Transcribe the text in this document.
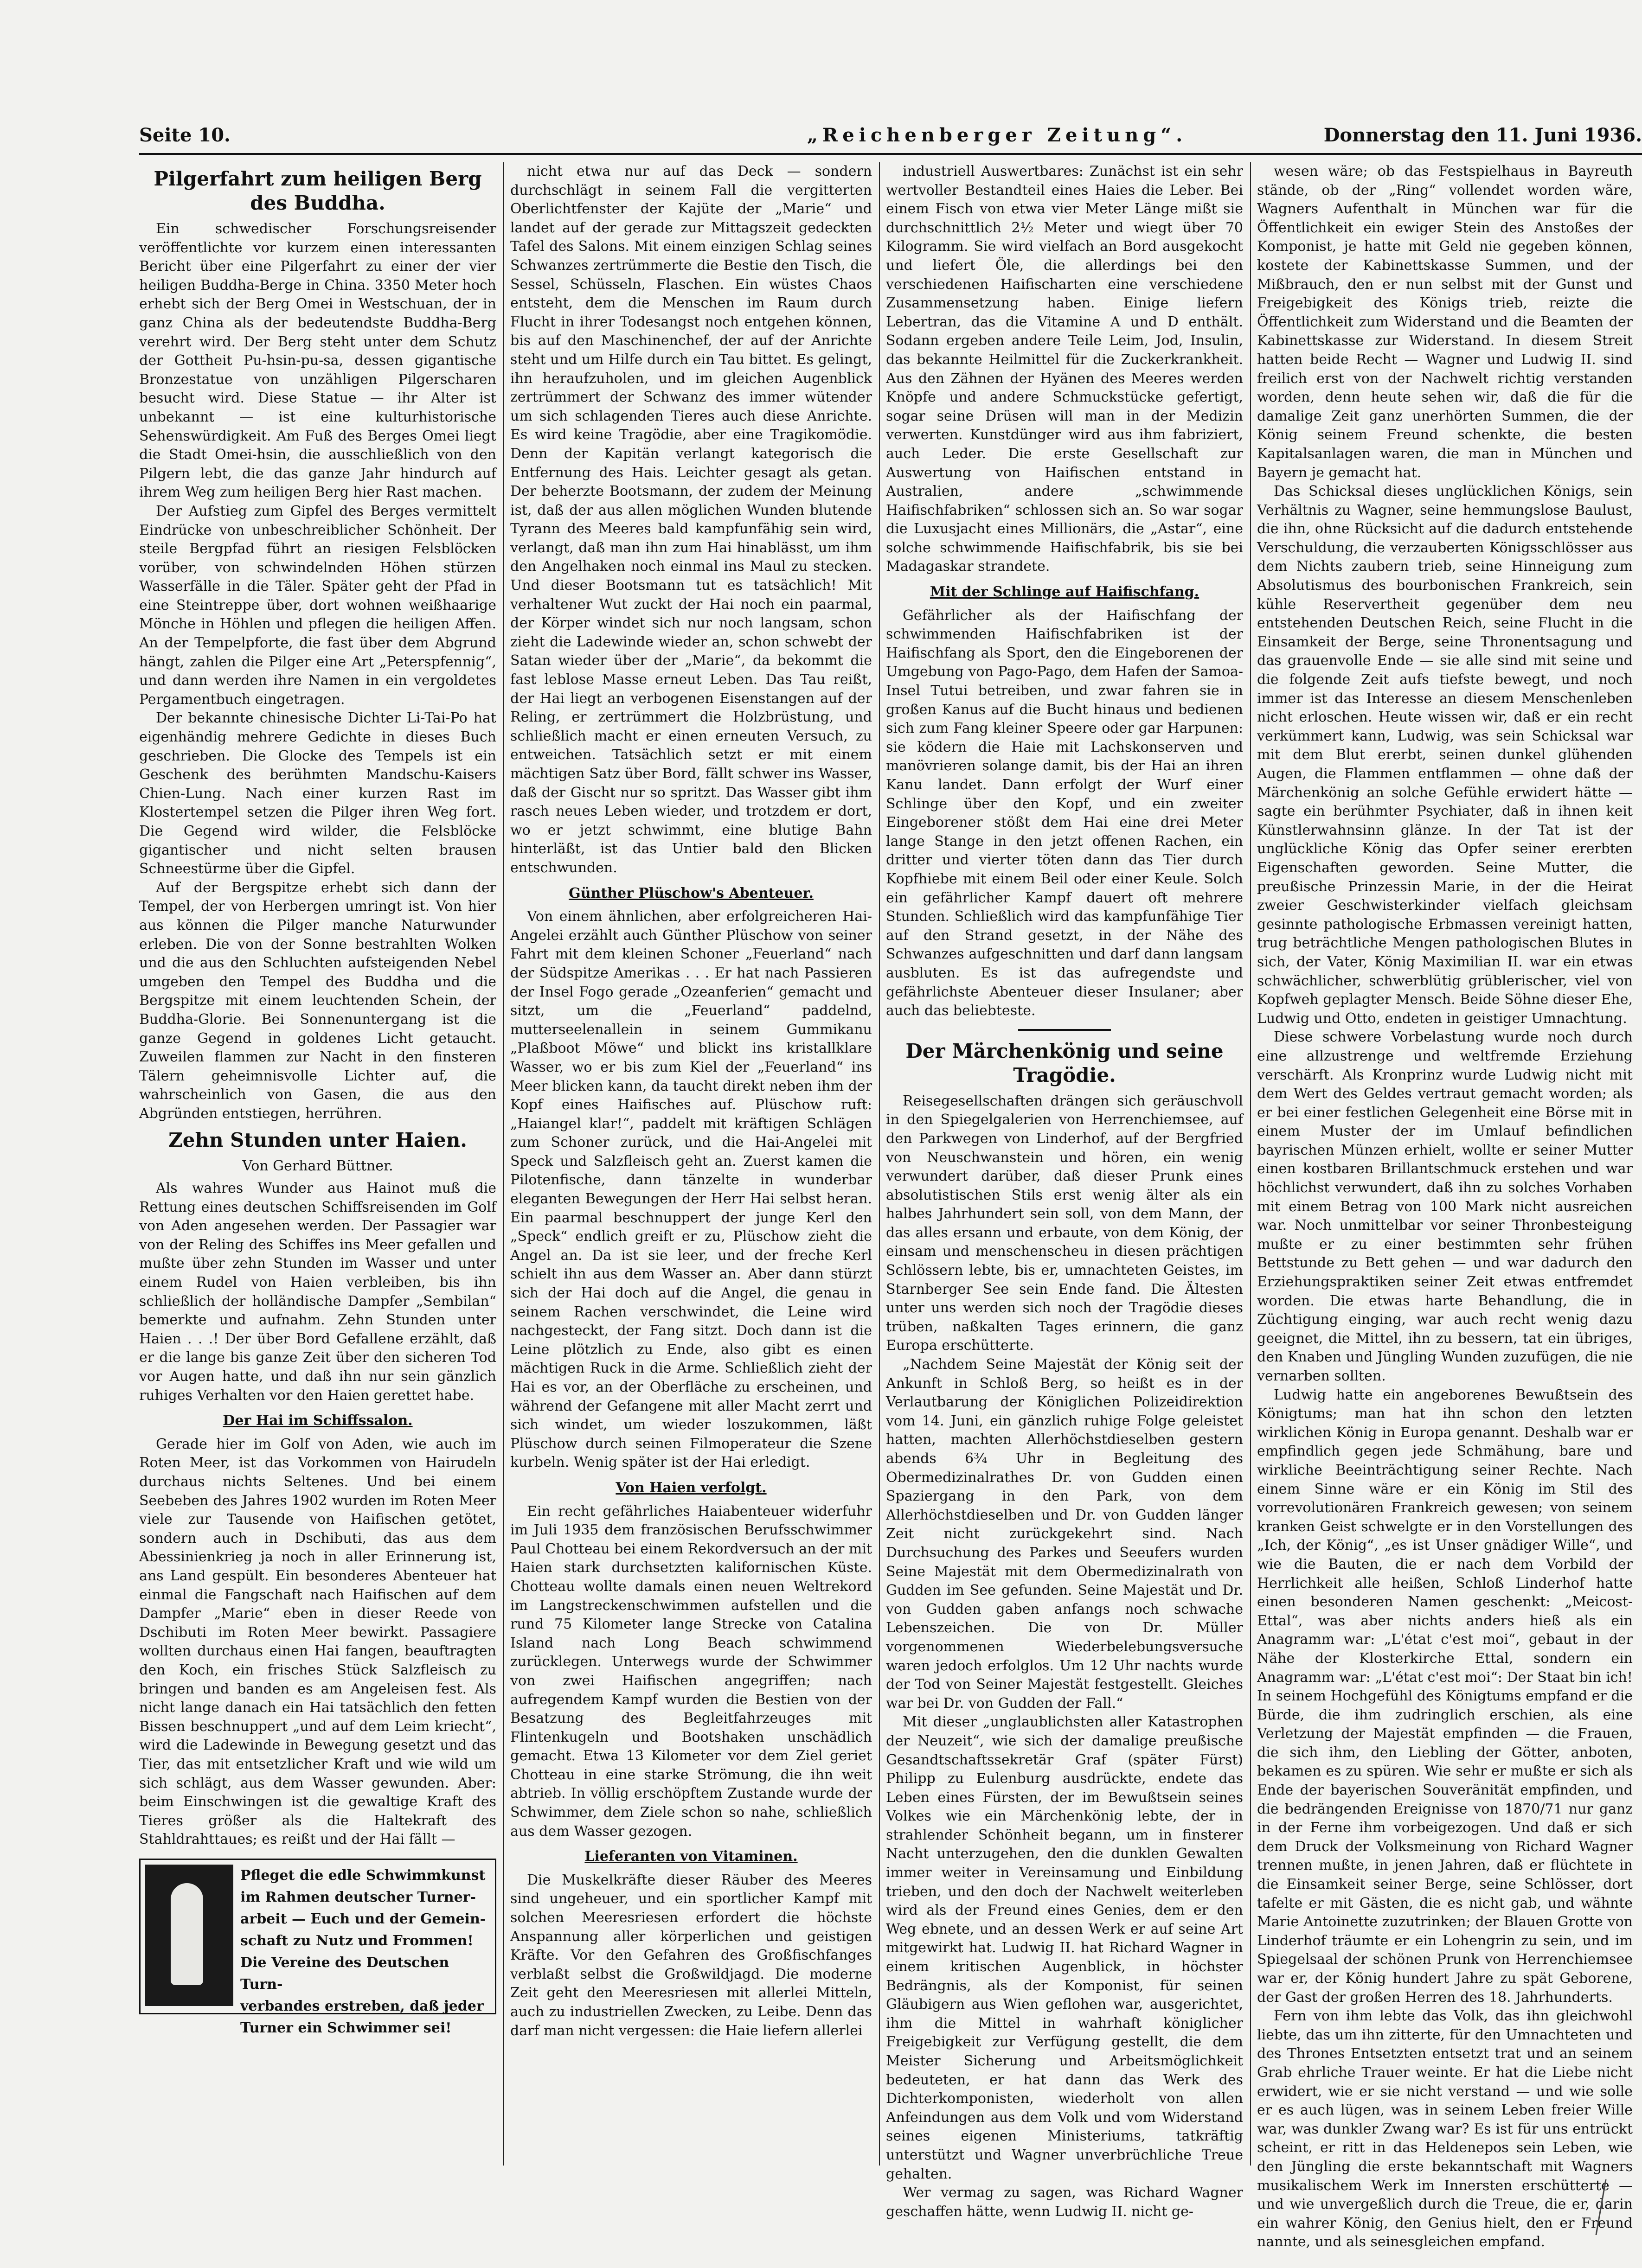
Seite 10.	„Reichenberger Zeitung“.	Donnerstag den 11. Juni 1936.
Pilgerfahrt zum heiligen Berg des Buddha.

Ein schwedischer Forschungsreisender veröffentlichte vor kurzem einen interessanten Bericht über eine Pilgerfahrt zu einer der vier heiligen Buddha-Berge in China. 3350 Meter hoch erhebt sich der Berg Omei in Westschuan, der in ganz China als der bedeutendste Buddha-Berg verehrt wird. Der Berg steht unter dem Schutz der Gottheit Pu-hsin-pu-sa, dessen gigantische Bronzestatue von unzähligen Pilgerscharen besucht wird. Diese Statue — ihr Alter ist unbekannt — ist eine kulturhistorische Sehenswürdigkeit. Am Fuß des Berges Omei liegt die Stadt Omei-hsin, die ausschließlich von den Pilgern lebt, die das ganze Jahr hindurch auf ihrem Weg zum heiligen Berg hier Rast machen.

Der Aufstieg zum Gipfel des Berges vermittelt Eindrücke von unbeschreiblicher Schönheit. Der steile Bergpfad führt an riesigen Felsblöcken vorüber, von schwindelnden Höhen stürzen Wasserfälle in die Täler. Später geht der Pfad in eine Steintreppe über, dort wohnen weißhaarige Mönche in Höhlen und pflegen die heiligen Affen. An der Tempelpforte, die fast über dem Abgrund hängt, zahlen die Pilger eine Art „Peterspfennig“, und dann werden ihre Namen in ein vergoldetes Pergamentbuch eingetragen.

Der bekannte chinesische Dichter Li-Tai-Po hat eigenhändig mehrere Gedichte in dieses Buch geschrieben. Die Glocke des Tempels ist ein Geschenk des berühmten Mandschu-Kaisers Chien-Lung. Nach einer kurzen Rast im Klostertempel setzen die Pilger ihren Weg fort. Die Gegend wird wilder, die Felsblöcke gigantischer und nicht selten brausen Schneestürme über die Gipfel.

Auf der Bergspitze erhebt sich dann der Tempel, der von Herbergen umringt ist. Von hier aus können die Pilger manche Naturwunder erleben. Die von der Sonne bestrahlten Wolken und die aus den Schluchten aufsteigenden Nebel umgeben den Tempel des Buddha und die Bergspitze mit einem leuchtenden Schein, der Buddha-Glorie. Bei Sonnenuntergang ist die ganze Gegend in goldenes Licht getaucht. Zuweilen flammen zur Nacht in den finsteren Tälern geheimnisvolle Lichter auf, die wahrscheinlich von Gasen, die aus den Abgründen entstiegen, herrühren.

Zehn Stunden unter Haien.
Von Gerhard Büttner.

Als wahres Wunder aus Hainot muß die Rettung eines deutschen Schiffsreisenden im Golf von Aden angesehen werden. Der Passagier war von der Reling des Schiffes ins Meer gefallen und mußte über zehn Stunden im Wasser und unter einem Rudel von Haien verbleiben, bis ihn schließlich der holländische Dampfer „Sembilan“ bemerkte und aufnahm. Zehn Stunden unter Haien . . .! Der über Bord Gefallene erzählt, daß er die lange bis ganze Zeit über den sicheren Tod vor Augen hatte, und daß ihn nur sein gänzlich ruhiges Verhalten vor den Haien gerettet habe.

Der Hai im Schiffssalon.

Gerade hier im Golf von Aden, wie auch im Roten Meer, ist das Vorkommen von Hairudeln durchaus nichts Seltenes. Und bei einem Seebeben des Jahres 1902 wurden im Roten Meer viele zur Tausende von Haifischen getötet, sondern auch in Dschibuti, das aus dem Abessinienkrieg ja noch in aller Erinnerung ist, ans Land gespült. Ein besonderes Abenteuer hat einmal die Fangschaft nach Haifischen auf dem Dampfer „Marie“ eben in dieser Reede von Dschibuti im Roten Meer bewirkt. Passagiere wollten durchaus einen Hai fangen, beauftragten den Koch, ein frisches Stück Salzfleisch zu bringen und banden es am Angeleisen fest. Als nicht lange danach ein Hai tatsächlich den fetten Bissen beschnuppert „und auf dem Leim kriecht“, wird die Ladewinde in Bewegung gesetzt und das Tier, das mit entsetzlicher Kraft und wie wild um sich schlägt, aus dem Wasser gewunden. Aber: beim Einschwingen ist die gewaltige Kraft des Tieres größer als die Haltekraft des Stahldrahttaues; es reißt und der Hai fällt —

Pfleget die edle Schwimmkunst
im Rahmen deutscher Turner-
arbeit — Euch und der Gemein-
schaft zu Nutz und Frommen!
Die Vereine des Deutschen Turn-
verbandes erstreben, daß jeder
Turner ein Schwimmer sei!

nicht etwa nur auf das Deck — sondern durchschlägt in seinem Fall die vergitterten Oberlichtfenster der Kajüte der „Marie“ und landet auf der gerade zur Mittagszeit gedeckten Tafel des Salons. Mit einem einzigen Schlag seines Schwanzes zertrümmerte die Bestie den Tisch, die Sessel, Schüsseln, Flaschen. Ein wüstes Chaos entsteht, dem die Menschen im Raum durch Flucht in ihrer Todesangst noch entgehen können, bis auf den Maschinenchef, der auf der Anrichte steht und um Hilfe durch ein Tau bittet. Es gelingt, ihn heraufzuholen, und im gleichen Augenblick zertrümmert der Schwanz des immer wütender um sich schlagenden Tieres auch diese Anrichte. Es wird keine Tragödie, aber eine Tragikomödie. Denn der Kapitän verlangt kategorisch die Entfernung des Hais. Leichter gesagt als getan. Der beherzte Bootsmann, der zudem der Meinung ist, daß der aus allen möglichen Wunden blutende Tyrann des Meeres bald kampfunfähig sein wird, verlangt, daß man ihn zum Hai hinablässt, um ihm den Angelhaken noch einmal ins Maul zu stecken. Und dieser Bootsmann tut es tatsächlich! Mit verhaltener Wut zuckt der Hai noch ein paarmal, der Körper windet sich nur noch langsam, schon zieht die Ladewinde wieder an, schon schwebt der Satan wieder über der „Marie“, da bekommt die fast leblose Masse erneut Leben. Das Tau reißt, der Hai liegt an verbogenen Eisenstangen auf der Reling, er zertrümmert die Holzbrüstung, und schließlich macht er einen erneuten Versuch, zu entweichen. Tatsächlich setzt er mit einem mächtigen Satz über Bord, fällt schwer ins Wasser, daß der Gischt nur so spritzt. Das Wasser gibt ihm rasch neues Leben wieder, und trotzdem er dort, wo er jetzt schwimmt, eine blutige Bahn hinterläßt, ist das Untier bald den Blicken entschwunden.

Günther Plüschow's Abenteuer.

Von einem ähnlichen, aber erfolgreicheren Hai-Angelei erzählt auch Günther Plüschow von seiner Fahrt mit dem kleinen Schoner „Feuerland“ nach der Südspitze Amerikas . . . Er hat nach Passieren der Insel Fogo gerade „Ozeanferien“ gemacht und sitzt, um die „Feuerland“ paddelnd, mutterseelenallein in seinem Gummikanu „Plaßboot Möwe“ und blickt ins kristallklare Wasser, wo er bis zum Kiel der „Feuerland“ ins Meer blicken kann, da taucht direkt neben ihm der Kopf eines Haifisches auf. Plüschow ruft: „Haiangel klar!“, paddelt mit kräftigen Schlägen zum Schoner zurück, und die Hai-Angelei mit Speck und Salzfleisch geht an. Zuerst kamen die Pilotenfische, dann tänzelte in wunderbar eleganten Bewegungen der Herr Hai selbst heran. Ein paarmal beschnuppert der junge Kerl den „Speck“ endlich greift er zu, Plüschow zieht die Angel an. Da ist sie leer, und der freche Kerl schielt ihn aus dem Wasser an. Aber dann stürzt sich der Hai doch auf die Angel, die genau in seinem Rachen verschwindet, die Leine wird nachgesteckt, der Fang sitzt. Doch dann ist die Leine plötzlich zu Ende, also gibt es einen mächtigen Ruck in die Arme. Schließlich zieht der Hai es vor, an der Oberfläche zu erscheinen, und während der Gefangene mit aller Macht zerrt und sich windet, um wieder loszukommen, läßt Plüschow durch seinen Filmoperateur die Szene kurbeln. Wenig später ist der Hai erledigt.

Von Haien verfolgt.

Ein recht gefährliches Haiabenteuer widerfuhr im Juli 1935 dem französischen Berufsschwimmer Paul Chotteau bei einem Rekordversuch an der mit Haien stark durchsetzten kalifornischen Küste. Chotteau wollte damals einen neuen Weltrekord im Langstreckenschwimmen aufstellen und die rund 75 Kilometer lange Strecke von Catalina Island nach Long Beach schwimmend zurücklegen. Unterwegs wurde der Schwimmer von zwei Haifischen angegriffen; nach aufregendem Kampf wurden die Bestien von der Besatzung des Begleitfahrzeuges mit Flintenkugeln und Bootshaken unschädlich gemacht. Etwa 13 Kilometer vor dem Ziel geriet Chotteau in eine starke Strömung, die ihn weit abtrieb. In völlig erschöpftem Zustande wurde der Schwimmer, dem Ziele schon so nahe, schließlich aus dem Wasser gezogen.

Lieferanten von Vitaminen.

Die Muskelkräfte dieser Räuber des Meeres sind ungeheuer, und ein sportlicher Kampf mit solchen Meeresriesen erfordert die höchste Anspannung aller körperlichen und geistigen Kräfte. Vor den Gefahren des Großfischfanges verblaßt selbst die Großwildjagd. Die moderne Zeit geht den Meeresriesen mit allerlei Mitteln, auch zu industriellen Zwecken, zu Leibe. Denn das darf man nicht vergessen: die Haie liefern allerlei

industriell Auswertbares: Zunächst ist ein sehr wertvoller Bestandteil eines Haies die Leber. Bei einem Fisch von etwa vier Meter Länge mißt sie durchschnittlich 2½ Meter und wiegt über 70 Kilogramm. Sie wird vielfach an Bord ausgekocht und liefert Öle, die allerdings bei den verschiedenen Haifischarten eine verschiedene Zusammensetzung haben. Einige liefern Lebertran, das die Vitamine A und D enthält. Sodann ergeben andere Teile Leim, Jod, Insulin, das bekannte Heilmittel für die Zuckerkrankheit. Aus den Zähnen der Hyänen des Meeres werden Knöpfe und andere Schmuckstücke gefertigt, sogar seine Drüsen will man in der Medizin verwerten. Kunstdünger wird aus ihm fabriziert, auch Leder. Die erste Gesellschaft zur Auswertung von Haifischen entstand in Australien, andere „schwimmende Haifischfabriken“ schlossen sich an. So war sogar die Luxusjacht eines Millionärs, die „Astar“, eine solche schwimmende Haifischfabrik, bis sie bei Madagaskar strandete.

Mit der Schlinge auf Haifischfang.

Gefährlicher als der Haifischfang der schwimmenden Haifischfabriken ist der Haifischfang als Sport, den die Eingeborenen der Umgebung von Pago-Pago, dem Hafen der Samoa-Insel Tutui betreiben, und zwar fahren sie in großen Kanus auf die Bucht hinaus und bedienen sich zum Fang kleiner Speere oder gar Harpunen: sie ködern die Haie mit Lachskonserven und manövrieren solange damit, bis der Hai an ihren Kanu landet. Dann erfolgt der Wurf einer Schlinge über den Kopf, und ein zweiter Eingeborener stößt dem Hai eine drei Meter lange Stange in den jetzt offenen Rachen, ein dritter und vierter töten dann das Tier durch Kopfhiebe mit einem Beil oder einer Keule. Solch ein gefährlicher Kampf dauert oft mehrere Stunden. Schließlich wird das kampfunfähige Tier auf den Strand gesetzt, in der Nähe des Schwanzes aufgeschnitten und darf dann langsam ausbluten. Es ist das aufregendste und gefährlichste Abenteuer dieser Insulaner; aber auch das beliebteste.

Der Märchenkönig und seine Tragödie.

Reisegesellschaften drängen sich geräuschvoll in den Spiegelgalerien von Herrenchiemsee, auf den Parkwegen von Linderhof, auf der Bergfried von Neuschwanstein und hören, ein wenig verwundert darüber, daß dieser Prunk eines absolutistischen Stils erst wenig älter als ein halbes Jahrhundert sein soll, von dem Mann, der das alles ersann und erbaute, von dem König, der einsam und menschenscheu in diesen prächtigen Schlössern lebte, bis er, umnachteten Geistes, im Starnberger See sein Ende fand. Die Ältesten unter uns werden sich noch der Tragödie dieses trüben, naßkalten Tages erinnern, die ganz Europa erschütterte.

„Nachdem Seine Majestät der König seit der Ankunft in Schloß Berg, so heißt es in der Verlautbarung der Königlichen Polizeidirektion vom 14. Juni, ein gänzlich ruhige Folge geleistet hatten, machten Allerhöchstdieselben gestern abends 6¾ Uhr in Begleitung des Obermedizinalrathes Dr. von Gudden einen Spaziergang in den Park, von dem Allerhöchstdieselben und Dr. von Gudden länger Zeit nicht zurückgekehrt sind. Nach Durchsuchung des Parkes und Seeufers wurden Seine Majestät mit dem Obermedizinalrath von Gudden im See gefunden. Seine Majestät und Dr. von Gudden gaben anfangs noch schwache Lebenszeichen. Die von Dr. Müller vorgenommenen Wiederbelebungsversuche waren jedoch erfolglos. Um 12 Uhr nachts wurde der Tod von Seiner Majestät festgestellt. Gleiches war bei Dr. von Gudden der Fall.“

Mit dieser „unglaublichsten aller Katastrophen der Neuzeit“, wie sich der damalige preußische Gesandtschaftssekretär Graf (später Fürst) Philipp zu Eulenburg ausdrückte, endete das Leben eines Fürsten, der im Bewußtsein seines Volkes wie ein Märchenkönig lebte, der in strahlender Schönheit begann, um in finsterer Nacht unterzugehen, den die dunklen Gewalten immer weiter in Vereinsamung und Einbildung trieben, und den doch der Nachwelt weiterleben wird als der Freund eines Genies, dem er den Weg ebnete, und an dessen Werk er auf seine Art mitgewirkt hat. Ludwig II. hat Richard Wagner in einem kritischen Augenblick, in höchster Bedrängnis, als der Komponist, für seinen Gläubigern aus Wien geflohen war, ausgerichtet, ihm die Mittel in wahrhaft königlicher Freigebigkeit zur Verfügung gestellt, die dem Meister Sicherung und Arbeitsmöglichkeit bedeuteten, er hat dann das Werk des Dichterkomponisten, wiederholt von allen Anfeindungen aus dem Volk und vom Widerstand seines eigenen Ministeriums, tatkräftig unterstützt und Wagner unverbrüchliche Treue gehalten.

Wer vermag zu sagen, was Richard Wagner geschaffen hätte, wenn Ludwig II. nicht ge-

wesen wäre; ob das Festspielhaus in Bayreuth stände, ob der „Ring“ vollendet worden wäre, Wagners Aufenthalt in München war für die Öffentlichkeit ein ewiger Stein des Anstoßes der Komponist, je hatte mit Geld nie gegeben können, kostete der Kabinettskasse Summen, und der Mißbrauch, den er nun selbst mit der Gunst und Freigebigkeit des Königs trieb, reizte die Öffentlichkeit zum Widerstand und die Beamten der Kabinettskasse zur Widerstand. In diesem Streit hatten beide Recht — Wagner und Ludwig II. sind freilich erst von der Nachwelt richtig verstanden worden, denn heute sehen wir, daß die für die damalige Zeit ganz unerhörten Summen, die der König seinem Freund schenkte, die besten Kapitalsanlagen waren, die man in München und Bayern je gemacht hat.

Das Schicksal dieses unglücklichen Königs, sein Verhältnis zu Wagner, seine hemmungslose Baulust, die ihn, ohne Rücksicht auf die dadurch entstehende Verschuldung, die verzauberten Königsschlösser aus dem Nichts zaubern trieb, seine Hinneigung zum Absolutismus des bourbonischen Frankreich, sein kühle Reservertheit gegenüber dem neu entstehenden Deutschen Reich, seine Flucht in die Einsamkeit der Berge, seine Thronentsagung und das grauenvolle Ende — sie alle sind mit seine und die folgende Zeit aufs tiefste bewegt, und noch immer ist das Interesse an diesem Menschenleben nicht erloschen. Heute wissen wir, daß er ein recht verkümmert kann, Ludwig, was sein Schicksal war mit dem Blut ererbt, seinen dunkel glühenden Augen, die Flammen entflammen — ohne daß der Märchenkönig an solche Gefühle erwidert hätte — sagte ein berühmter Psychiater, daß in ihnen keit Künstlerwahnsinn glänze. In der Tat ist der unglückliche König das Opfer seiner ererbten Eigenschaften geworden. Seine Mutter, die preußische Prinzessin Marie, in der die Heirat zweier Geschwisterkinder vielfach gleichsam gesinnte pathologische Erbmassen vereinigt hatten, trug beträchtliche Mengen pathologischen Blutes in sich, der Vater, König Maximilian II. war ein etwas schwächlicher, schwerblütig grüblerischer, viel von Kopfweh geplagter Mensch. Beide Söhne dieser Ehe, Ludwig und Otto, endeten in geistiger Umnachtung.

Diese schwere Vorbelastung wurde noch durch eine allzustrenge und weltfremde Erziehung verschärft. Als Kronprinz wurde Ludwig nicht mit dem Wert des Geldes vertraut gemacht worden; als er bei einer festlichen Gelegenheit eine Börse mit in einem Muster der im Umlauf befindlichen bayrischen Münzen erhielt, wollte er seiner Mutter einen kostbaren Brillantschmuck erstehen und war höchlichst verwundert, daß ihn zu solches Vorhaben mit einem Betrag von 100 Mark nicht ausreichen war. Noch unmittelbar vor seiner Thronbesteigung mußte er zu einer bestimmten sehr frühen Bettstunde zu Bett gehen — und war dadurch den Erziehungspraktiken seiner Zeit etwas entfremdet worden. Die etwas harte Behandlung, die in Züchtigung einging, war auch recht wenig dazu geeignet, die Mittel, ihn zu bessern, tat ein übriges, den Knaben und Jüngling Wunden zuzufügen, die nie vernarben sollten.

Ludwig hatte ein angeborenes Bewußtsein des Königtums; man hat ihn schon den letzten wirklichen König in Europa genannt. Deshalb war er empfindlich gegen jede Schmähung, bare und wirkliche Beeinträchtigung seiner Rechte. Nach einem Sinne wäre er ein König im Stil des vorrevolutionären Frankreich gewesen; von seinem kranken Geist schwelgte er in den Vorstellungen des „Ich, der König“, „es ist Unser gnädiger Wille“, und wie die Bauten, die er nach dem Vorbild der Herrlichkeit alle heißen, Schloß Linderhof hatte einen besonderen Namen geschenkt: „Meicost-Ettal“, was aber nichts anders hieß als ein Anagramm war: „L'état c'est moi“, gebaut in der Nähe der Klosterkirche Ettal, sondern ein Anagramm war: „L'état c'est moi“: Der Staat bin ich! In seinem Hochgefühl des Königtums empfand er die Bürde, die ihm zudringlich erschien, als eine Verletzung der Majestät empfinden — die Frauen, die sich ihm, den Liebling der Götter, anboten, bekamen es zu spüren. Wie sehr er mußte er sich als Ende der bayerischen Souveränität empfinden, und die bedrängenden Ereignisse von 1870/71 nur ganz in der Ferne ihm vorbeigezogen. Und daß er sich dem Druck der Volksmeinung von Richard Wagner trennen mußte, in jenen Jahren, daß er flüchtete in die Einsamkeit seiner Berge, seine Schlösser, dort tafelte er mit Gästen, die es nicht gab, und wähnte Marie Antoinette zuzutrinken; der Blauen Grotte von Linderhof träumte er ein Lohengrin zu sein, und im Spiegelsaal der schönen Prunk von Herrenchiemsee war er, der König hundert Jahre zu spät Geborene, der Gast der großen Herren des 18. Jahrhunderts.

Fern von ihm lebte das Volk, das ihn gleichwohl liebte, das um ihn zitterte, für den Umnachteten und des Thrones Entsetzten entsetzt trat und an seinem Grab ehrliche Trauer weinte. Er hat die Liebe nicht erwidert, wie er sie nicht verstand — und wie solle er es auch lügen, was in seinem Leben freier Wille war, was dunkler Zwang war? Es ist für uns entrückt scheint, er ritt in das Heldenepos sein Leben, wie den Jüngling die erste bekanntschaft mit Wagners musikalischem Werk im Innersten erschütterte — und wie unvergeßlich durch die Treue, die er, darin ein wahrer König, den Genius hielt, den er Freund nannte, und als seinesgleichen empfand.
